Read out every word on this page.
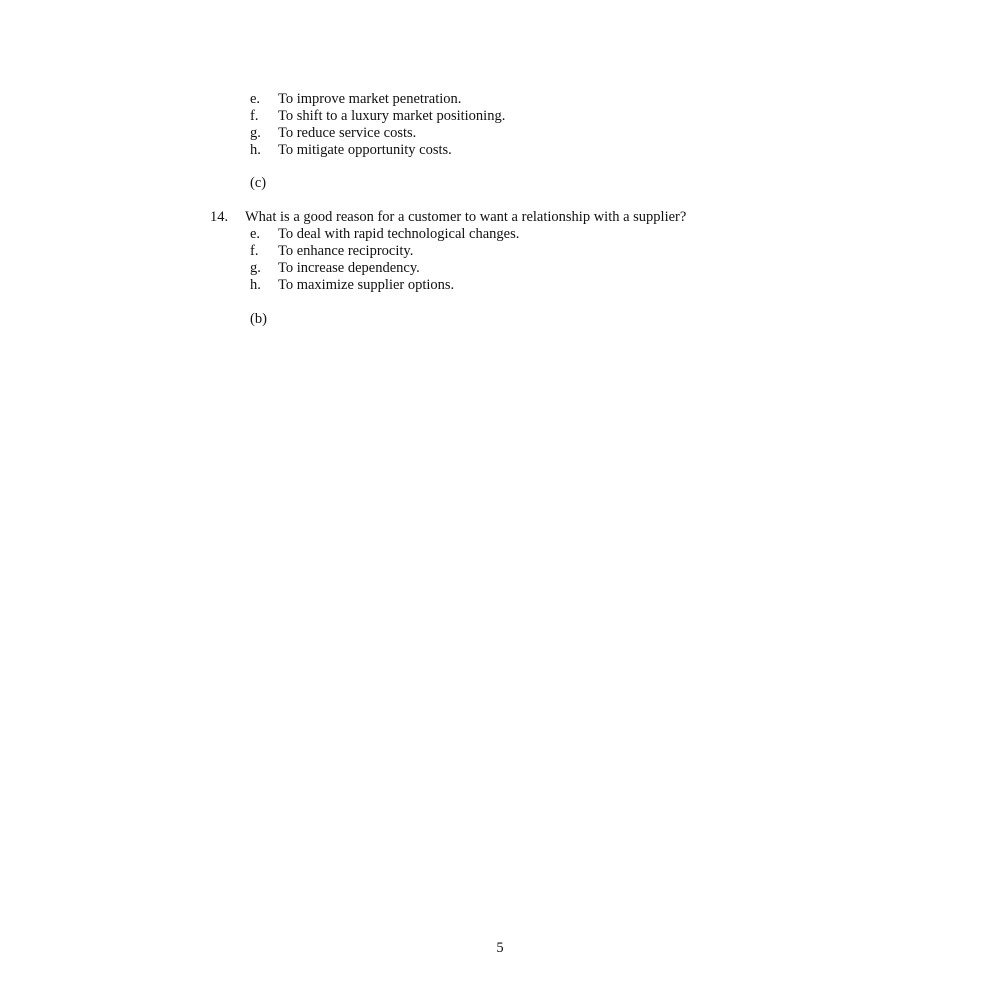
e. To improve market penetration.
f. To shift to a luxury market positioning.
g. To reduce service costs.
h. To mitigate opportunity costs.
(c)
14. What is a good reason for a customer to want a relationship with a supplier?
e. To deal with rapid technological changes.
f. To enhance reciprocity.
g. To increase dependency.
h. To maximize supplier options.
(b)
5
